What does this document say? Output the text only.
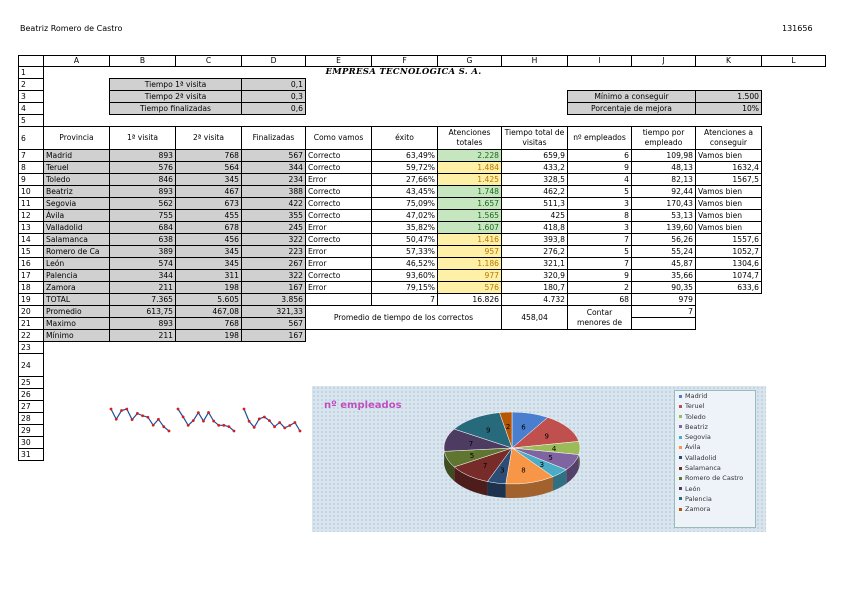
Beatriz Romero de Castro	131656
	A	B	C	D	E	F	G	H	I	J	K	L	
1					EMPRESA TECNOLÓGICA S. A.								
2		Tiempo 1ª visita		0,1									
3		Tiempo 2ª visita		0,3					Mínimo a conseguir		1.500		
4		Tiempo finalizadas		0,6					Porcentaje de mejora		10%		
5													
6	Provincia	1ª visita	2ª visita	Finalizadas	Como vamos	éxito	Atenciones totales	Tiempo total de visitas	nº empleados	tiempo por empleado	Atenciones a conseguir		
7	Madrid	893	768	567	Correcto	63,49%	2.228	659,9	6	109,98	Vamos bien		
8	Teruel	576	564	344	Correcto	59,72%	1.484	433,2	9	48,13	1632,4		
9	Toledo	846	345	234	Error	27,66%	1.425	328,5	4	82,13	1567,5		
10	Beatriz	893	467	388	Correcto	43,45%	1.748	462,2	5	92,44	Vamos bien		
11	Segovia	562	673	422	Correcto	75,09%	1.657	511,3	3	170,43	Vamos bien		
12	Ávila	755	455	355	Correcto	47,02%	1.565	425	8	53,13	Vamos bien		
13	Valladolid	684	678	245	Error	35,82%	1.607	418,8	3	139,60	Vamos bien		
14	Salamanca	638	456	322	Correcto	50,47%	1.416	393,8	7	56,26	1557,6		
15	Romero de Ca	389	345	223	Error	57,33%	957	276,2	5	55,24	1052,7		
16	León	574	345	267	Error	46,52%	1.186	321,1	7	45,87	1304,6		
17	Palencia	344	311	322	Correcto	93,60%	977	320,9	9	35,66	1074,7		
18	Zamora	211	198	167	Error	79,15%	576	180,7	2	90,35	633,6		
19	TOTAL	7.365	5.605	3.856		7	16.826	4.732	68	979			
20	Promedio	613,75	467,08	321,33	Promedio de tiempo de los correctos			458,04	Contar menores de	7			
21	Maximo	893	768	567									
22	Mínimo	211	198	167									
23													
24													
25													
26													
27													
28													
29													
30													
31													
nº empleados
6
9
4
5
3
8
3
7
5
7
9 2
Madrid
Teruel
Toledo
Beatriz
Segovia
Ávila
Valladolid
Salamanca
Romero de Castro
León
Palencia
Zamora
